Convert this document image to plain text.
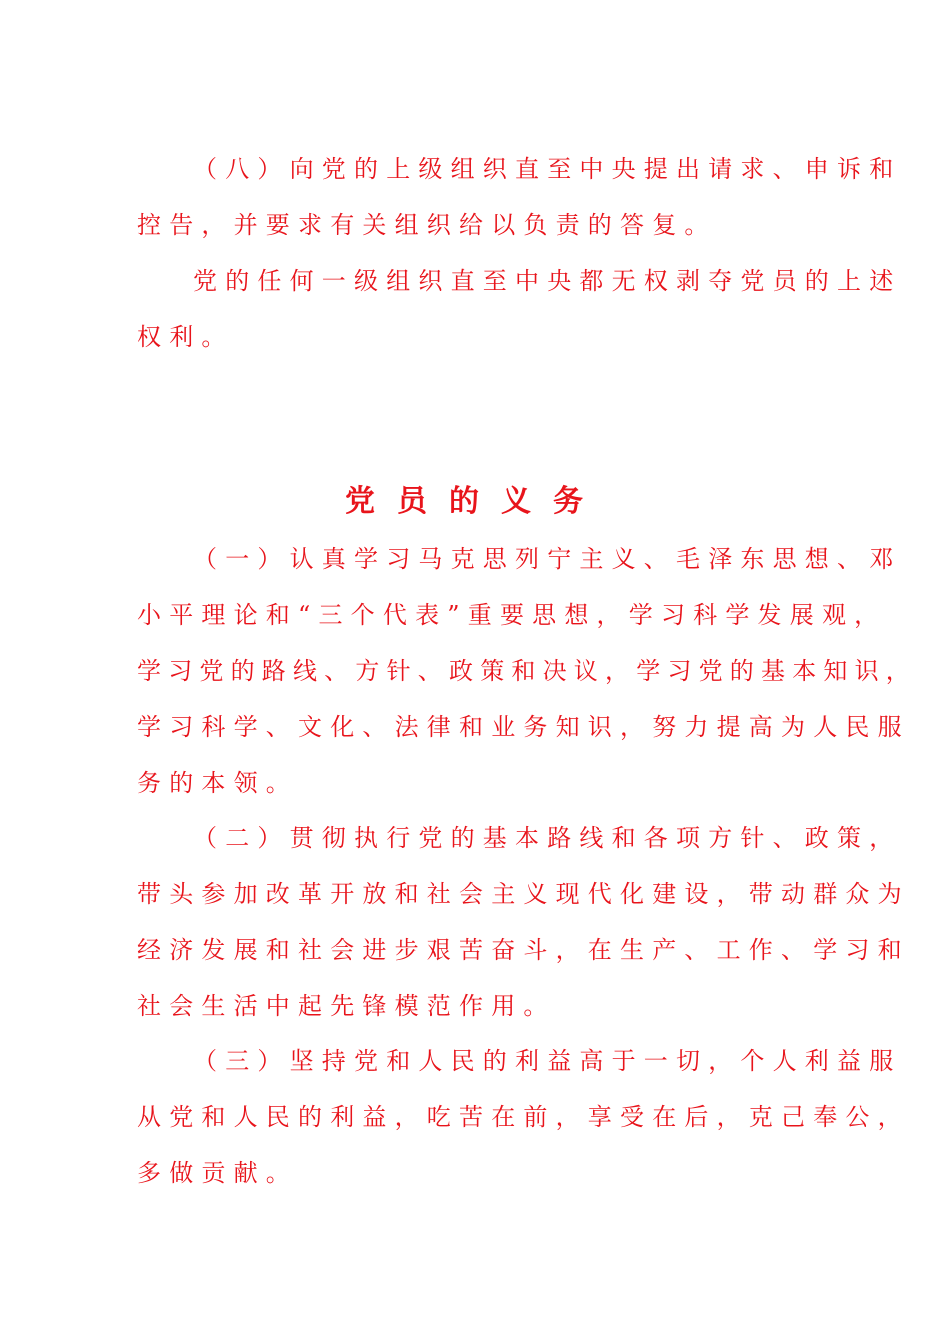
（八）向党的上级组织直至中央提出请求、申诉和
控告，并要求有关组织给以负责的答复。
党的任何一级组织直至中央都无权剥夺党员的上述
权利。
党员的义务
（一）认真学习马克思列宁主义、毛泽东思想、邓
小平理论和“三个代表”重要思想，学习科学发展观，
学习党的路线、方针、政策和决议，学习党的基本知识，
学习科学、文化、法律和业务知识，努力提高为人民服
务的本领。
（二）贯彻执行党的基本路线和各项方针、政策，
带头参加改革开放和社会主义现代化建设，带动群众为
经济发展和社会进步艰苦奋斗，在生产、工作、学习和
社会生活中起先锋模范作用。
（三）坚持党和人民的利益高于一切，个人利益服
从党和人民的利益，吃苦在前，享受在后，克己奉公，
多做贡献。
